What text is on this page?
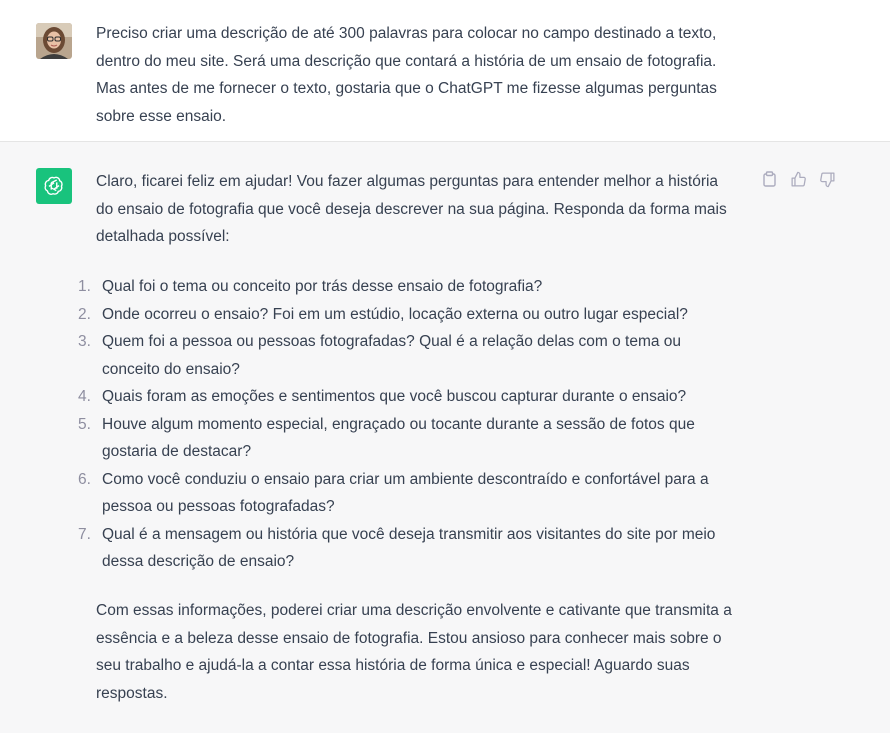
Preciso criar uma descrição de até 300 palavras para colocar no campo destinado a texto,
dentro do meu site. Será uma descrição que contará a história de um ensaio de fotografia.
Mas antes de me fornecer o texto, gostaria que o ChatGPT me fizesse algumas perguntas
sobre esse ensaio.
Claro, ficarei feliz em ajudar! Vou fazer algumas perguntas para entender melhor a história
do ensaio de fotografia que você deseja descrever na sua página. Responda da forma mais
detalhada possível:
1. Qual foi o tema ou conceito por trás desse ensaio de fotografia?
2. Onde ocorreu o ensaio? Foi em um estúdio, locação externa ou outro lugar especial?
3. Quem foi a pessoa ou pessoas fotografadas? Qual é a relação delas com o tema ou
conceito do ensaio?
4. Quais foram as emoções e sentimentos que você buscou capturar durante o ensaio?
5. Houve algum momento especial, engraçado ou tocante durante a sessão de fotos que
gostaria de destacar?
6. Como você conduziu o ensaio para criar um ambiente descontraído e confortável para a
pessoa ou pessoas fotografadas?
7. Qual é a mensagem ou história que você deseja transmitir aos visitantes do site por meio
dessa descrição de ensaio?
Com essas informações, poderei criar uma descrição envolvente e cativante que transmita a
essência e a beleza desse ensaio de fotografia. Estou ansioso para conhecer mais sobre o
seu trabalho e ajudá-la a contar essa história de forma única e especial! Aguardo suas
respostas.
